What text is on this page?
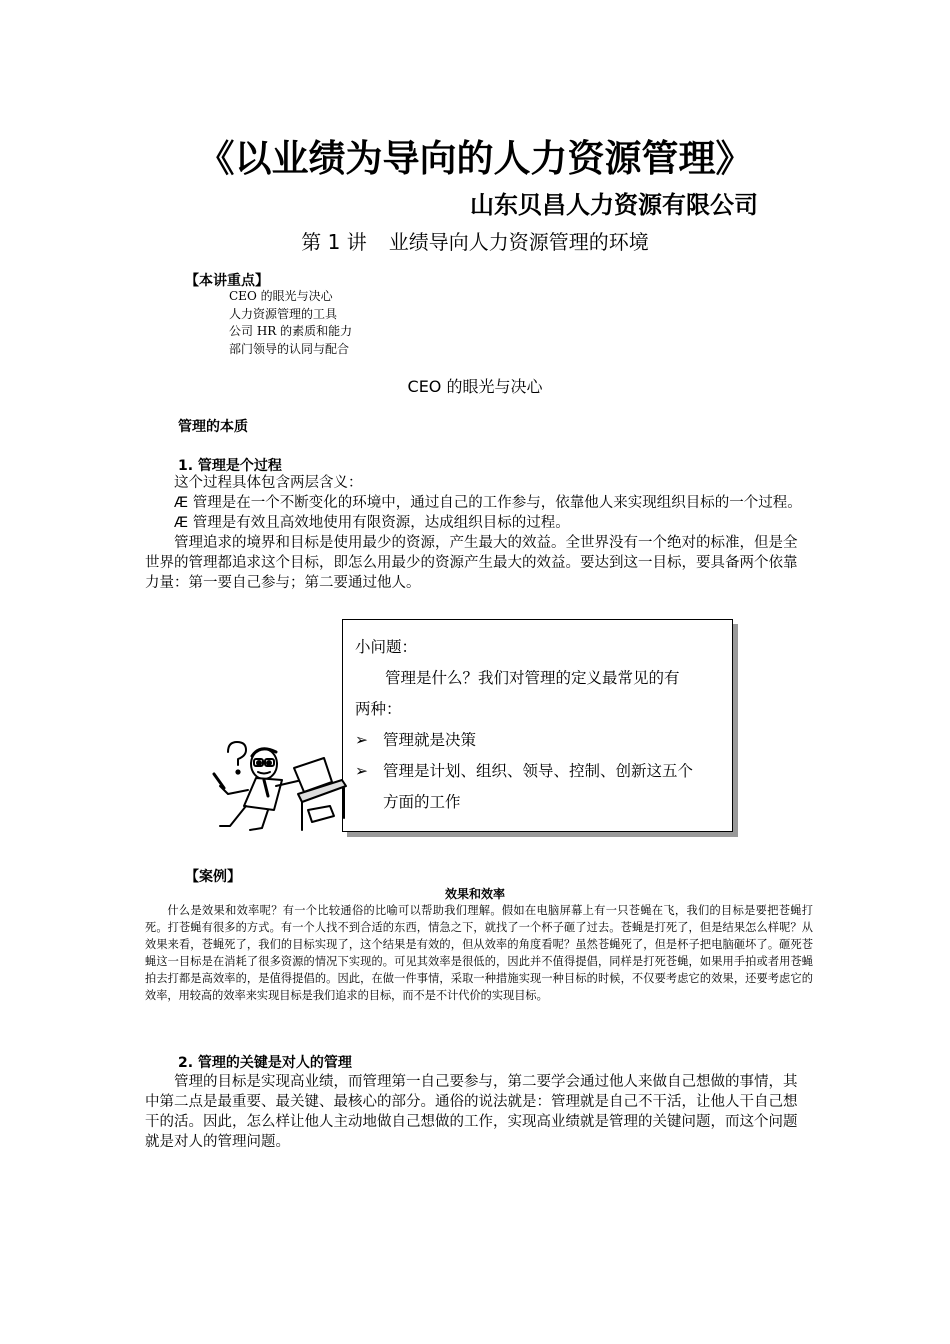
《以业绩为导向的人力资源管理》
山东贝昌人力资源有限公司
第 1 讲 业绩导向人力资源管理的环境
【本讲重点】
CEO 的眼光与决心
人力资源管理的工具
公司 HR 的素质和能力
部门领导的认同与配合
CEO 的眼光与决心
管理的本质
1. 管理是个过程
这个过程具体包含两层含义：
Æ 管理是在一个不断变化的环境中，通过自己的工作参与，依靠他人来实现组织目标的一个过程。
Æ 管理是有效且高效地使用有限资源，达成组织目标的过程。
管理追求的境界和目标是使用最少的资源，产生最大的效益。全世界没有一个绝对的标准，但是全世界的管理都追求这个目标，即怎么用最少的资源产生最大的效益。要达到这一目标，要具备两个依靠力量：第一要自己参与；第二要通过他人。
小问题：
管理是什么？我们对管理的定义最常见的有
两种：
➢ 管理就是决策
➢ 管理是计划、组织、领导、控制、创新这五个
方面的工作
【案例】
效果和效率
什么是效果和效率呢？有一个比较通俗的比喻可以帮助我们理解。假如在电脑屏幕上有一只苍蝇在飞，我们的目标是要把苍蝇打死。打苍蝇有很多的方式。有一个人找不到合适的东西，情急之下，就找了一个杯子砸了过去。苍蝇是打死了，但是结果怎么样呢？从效果来看，苍蝇死了，我们的目标实现了，这个结果是有效的，但从效率的角度看呢？虽然苍蝇死了，但是杯子把电脑砸坏了。砸死苍蝇这一目标是在消耗了很多资源的情况下实现的。可见其效率是很低的，因此并不值得提倡，同样是打死苍蝇，如果用手拍或者用苍蝇拍去打都是高效率的，是值得提倡的。因此，在做一件事情，采取一种措施实现一种目标的时候，不仅要考虑它的效果，还要考虑它的效率，用较高的效率来实现目标是我们追求的目标，而不是不计代价的实现目标。
2. 管理的关键是对人的管理
管理的目标是实现高业绩，而管理第一自己要参与，第二要学会通过他人来做自己想做的事情，其中第二点是最重要、最关键、最核心的部分。通俗的说法就是：管理就是自己不干活，让他人干自己想干的活。因此，怎么样让他人主动地做自己想做的工作，实现高业绩就是管理的关键问题，而这个问题就是对人的管理问题。
